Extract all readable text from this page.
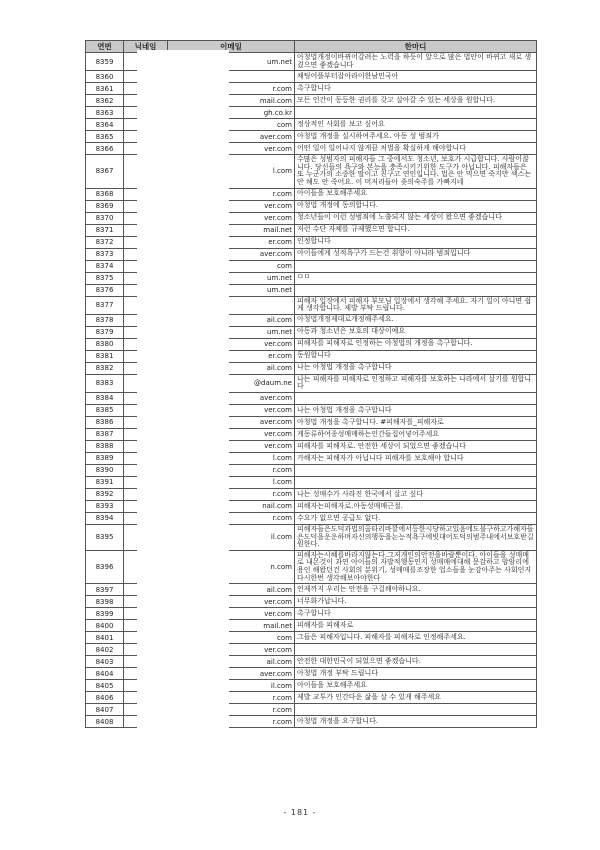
연번	닉네임	이메일	한마디
8359		um.net	아청법개정이바뀌어갈려는 노력을 하듯이 앞으로 많은 법안이 바뀌고 새로 생겼으면 좋겠습니다
8360			채팅어플부터잡아라이한남민국아
8361		r.com	촉구합니다
8362		mail.com	모든 인간이 동등한 권리를 갖고 살아갈 수 있는 세상을 원합니다.
8363		gh.co.kr	
8364		com	정상적인 사회를 보고 싶어요
8365		aver.com	아청법 개정을 실시하여주세요. 아동 성 범죄가
8366		ver.com	어떤 일이 일어나지 않게끔 처벌을 확실하게 해야합니다
8367		l.com	수많은 성범자의 피해자들 그 중에서도 청소년, 보호가 시급합니다. 사람이잖니다. 당신들의 욕구와 본능을 충족시키기위한 도구가 아닙니다. 피해자들은 또 누군가의 소중한 딸이고 친구고 연인입니다. 법은 안 먹으면 죽지만 섹스는 안 해도 안 죽어요. 이 머저리들아 좆의숙주를 가빠지네
8368		r.com	아이들을 보호해주세요
8369		ver.com	아청법 개정에 동의합니다.
8370		ver.com	청소년들이 이런 성범죄에 노출되지 않는 세상이 왔으면 좋겠습니다
8371		mail.net	저런 수단 자체를 규제했으면 합니다.
8372		er.com	인정합니다
8373		aver.com	아이들에게 성적욕구가 드는건 취향이 아니라 범죄입니다
8374		com	
8375		um.net	ㅁㅁ
8376		um.net	
8377			피해자 입장에서 피해자 부모님 입장에서 생각해 주세요. 자기 일이 아니면 쉽게 생각합니다. 제발 부탁 드립니다.
8378		ail.com	아청법개정제대로개정해주세요.
8379		um.net	아동과 청소년은 보호의 대상이예요
8380		ver.com	피해자를 피해자로 인정하는 아청법의 개정을 촉구합니다.
8381		er.com	동원합니다
8382		ail.com	나는 아청법 개정을 촉구합니다
8383		@daum.ne	나는 피해자를 피해자로 인정하고 피해자를 보호하는 나라에서 살기를 원합니다
8384		aver.com	
8385		ver.com	나는 아청법 개정을 촉구합니다
8386		aver.com	아청법 개정을 촉구합니다. #피해자를_피해자로
8387		ver.com	게동류하여종성매매하는인간들집어넣어주세요
8388		ver.com	피해자를 피해자로. 안전한 세상이 되었으면 좋겠습니다
8389		l.com	가해자는 피해자가 아닙니다 피해자를 보호해야 합니다
8390		r.com	
8391		l.com	
8392		r.com	나는 성매수가 사라진 한국에서 살고 싶다
8393		nail.com	피해자는피해자로.아동성매매근절.
8394		r.com	수요가 없으면 공급도 없다.
8395		il.com	피해자들은도덕과법의올타리바깥에서등한시당하고있음에도불구하고가해자들은도덕을운운하며자신의행동을논능적욕구에빗대어도덕의범주내에서보호받길원한다.
8396		n.com	피해자는시혜를바라지않는다.그저개인의안전을바랄뿐이다. 아이들을 성매매로 내몬것이 과연 아이들의 자발적행동인지 성매매에대해 문감하고 암암리에 용인 해왔던건 사회의 분위기, 성매매를조장한 업소들을 눈감아주는 사회인지 다시한번 생각해보아야한다
8397		ail.com	언제까지 우리는 안전을 구걸해야하나요.
8398		ver.com	너무화가납니다.
8399		ver.com	촉구합니다
8400		mail.net	피해자를 피해자로
8401		com	그들은 피해자입니다. 피해자를 피해자로 인정해주세요.
8402		ver.com	
8403		ail.com	안전한 대한민국이 되었으면 좋겠습니다.
8404		aver.com	아청법 개정 부탁 드립니다
8405		il.com	아이들을 보호해주세요
8406		r.com	제발 교투가 인간다운 삶을 살 수 있게 해주세요
8407		r.com	
8408		r.com	아청법 개정을 요구합니다.
- 181 -
